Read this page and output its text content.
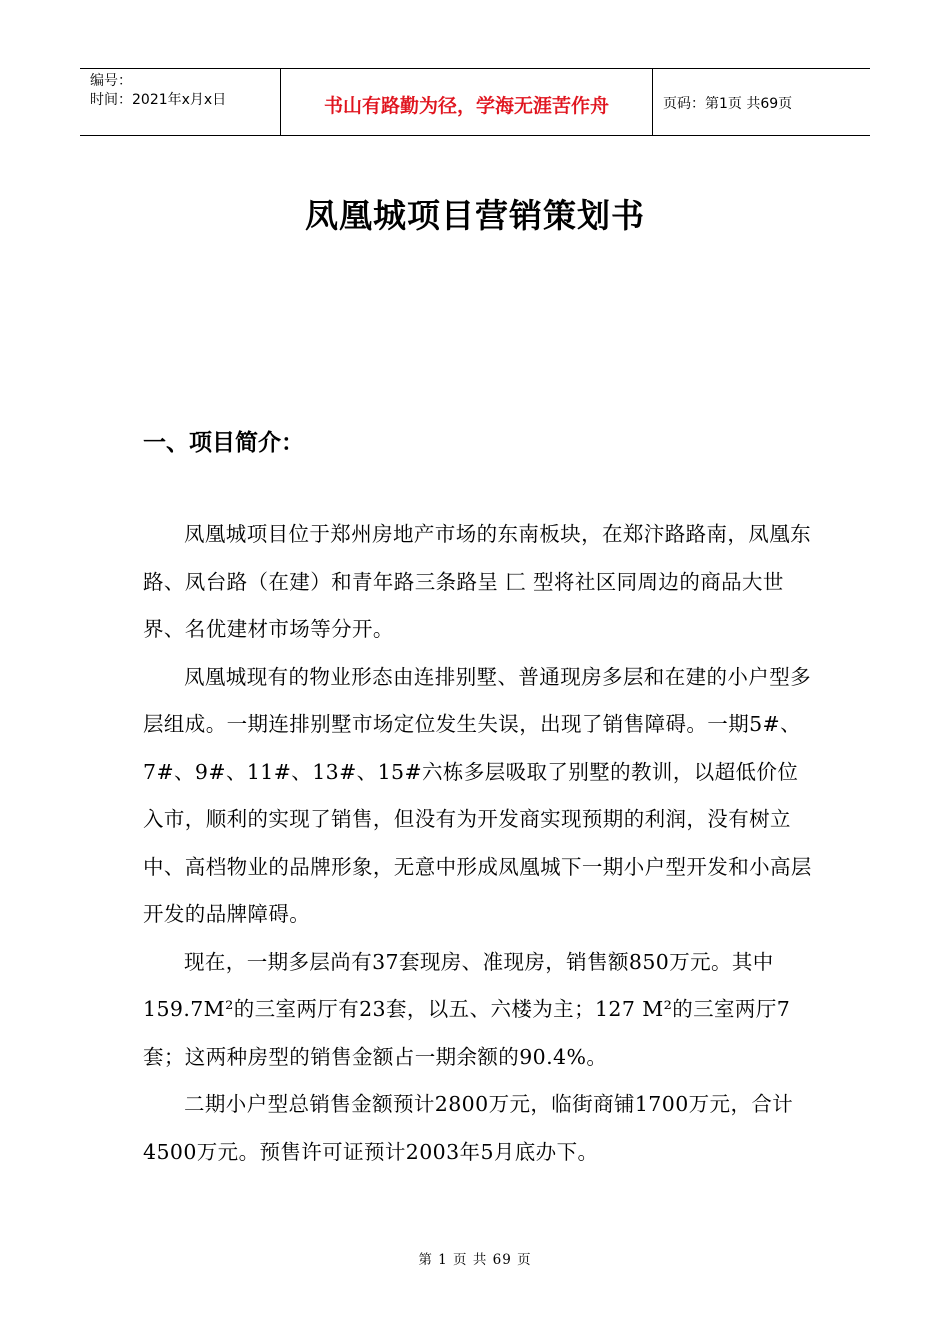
编号：
时间：2021年x月x日	书山有路勤为径，学海无涯苦作舟	页码：第1页 共69页
凤凰城项目营销策划书
一、项目简介：

凤凰城项目位于郑州房地产市场的东南板块，在郑汴路路南，凤凰东路、凤台路（在建）和青年路三条路呈 匚 型将社区同周边的商品大世界、名优建材市场等分开。

凤凰城现有的物业形态由连排别墅、普通现房多层和在建的小户型多层组成。一期连排别墅市场定位发生失误，出现了销售障碍。一期5#、7#、9#、11#、13#、15#六栋多层吸取了别墅的教训，以超低价位入市，顺利的实现了销售，但没有为开发商实现预期的利润，没有树立中、高档物业的品牌形象，无意中形成凤凰城下一期小户型开发和小高层开发的品牌障碍。

现在，一期多层尚有37套现房、准现房，销售额850万元。其中159.7M²的三室两厅有23套，以五、六楼为主；127 M²的三室两厅7套；这两种房型的销售金额占一期余额的90.4%。

二期小户型总销售金额预计2800万元，临街商铺1700万元，合计4500万元。预售许可证预计2003年5月底办下。

第 1 页 共 69 页
